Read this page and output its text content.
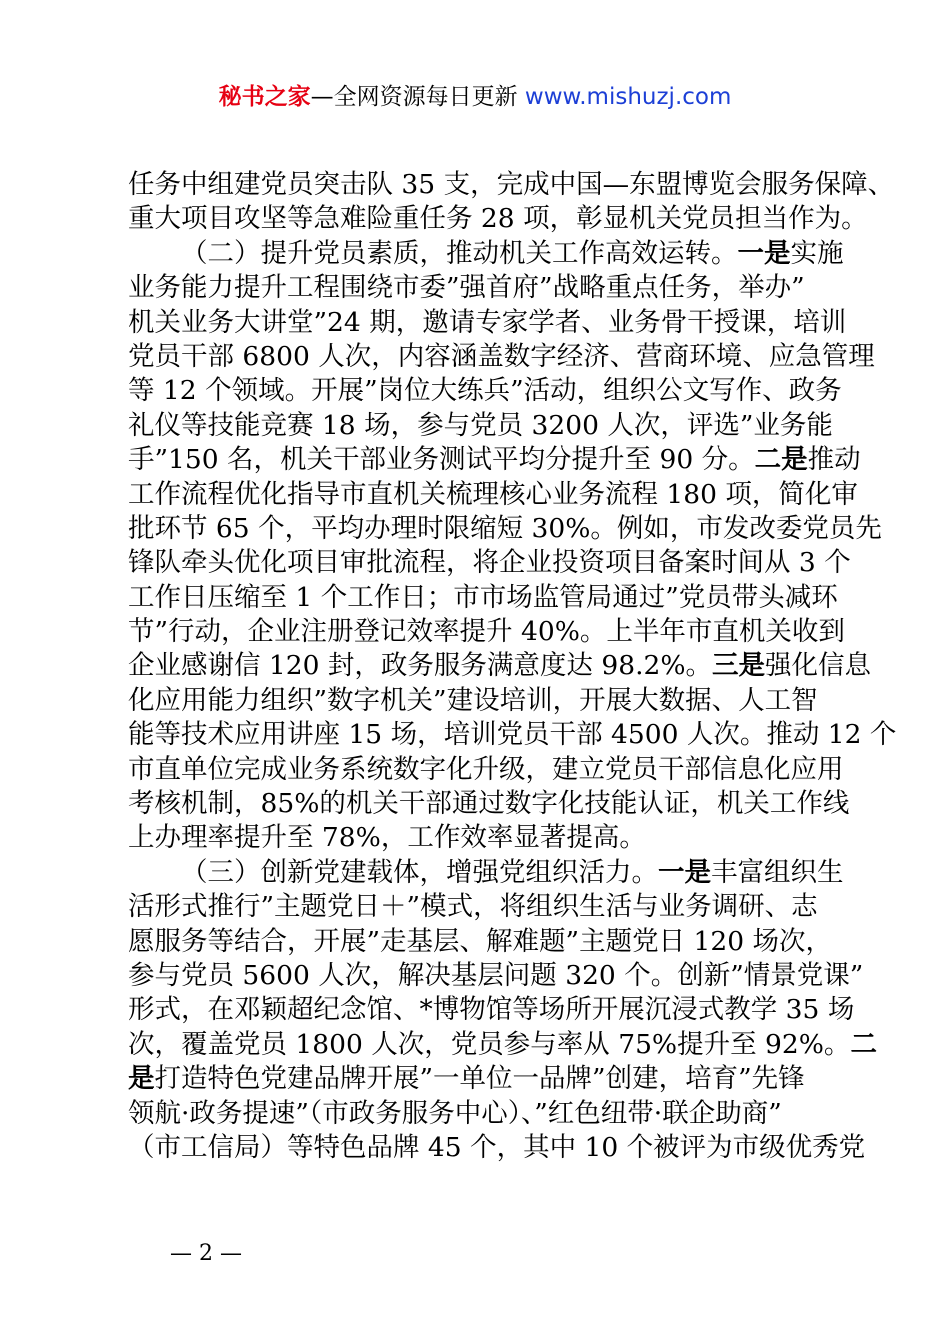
秘书之家—全网资源每日更新 www.mishuzj.com
任务中组建党员突击队 35 支，完成中国—东盟博览会服务保障、
重大项目攻坚等急难险重任务 28 项，彰显机关党员担当作为。
（二）提升党员素质，推动机关工作高效运转。一是实施
业务能力提升工程围绕市委”强首府”战略重点任务，举办”
机关业务大讲堂”24 期，邀请专家学者、业务骨干授课，培训
党员干部 6800 人次，内容涵盖数字经济、营商环境、应急管理
等 12 个领域。开展”岗位大练兵”活动，组织公文写作、政务
礼仪等技能竞赛 18 场，参与党员 3200 人次，评选”业务能
手”150 名，机关干部业务测试平均分提升至 90 分。二是推动
工作流程优化指导市直机关梳理核心业务流程 180 项，简化审
批环节 65 个，平均办理时限缩短 30%。例如，市发改委党员先
锋队牵头优化项目审批流程，将企业投资项目备案时间从 3 个
工作日压缩至 1 个工作日；市市场监管局通过”党员带头减环
节”行动，企业注册登记效率提升 40%。上半年市直机关收到
企业感谢信 120 封，政务服务满意度达 98.2%。三是强化信息
化应用能力组织”数字机关”建设培训，开展大数据、人工智
能等技术应用讲座 15 场，培训党员干部 4500 人次。推动 12 个
市直单位完成业务系统数字化升级，建立党员干部信息化应用
考核机制，85%的机关干部通过数字化技能认证，机关工作线
上办理率提升至 78%，工作效率显著提高。
（三）创新党建载体，增强党组织活力。一是丰富组织生
活形式推行”主题党日＋”模式，将组织生活与业务调研、志
愿服务等结合，开展”走基层、解难题”主题党日 120 场次，
参与党员 5600 人次，解决基层问题 320 个。创新”情景党课”
形式，在邓颖超纪念馆、*博物馆等场所开展沉浸式教学 35 场
次，覆盖党员 1800 人次，党员参与率从 75%提升至 92%。二
是打造特色党建品牌开展”一单位一品牌”创建，培育”先锋
领航·政务提速”（市政务服务中心）、”红色纽带·联企助商”
（市工信局）等特色品牌 45 个，其中 10 个被评为市级优秀党
— 2 —
